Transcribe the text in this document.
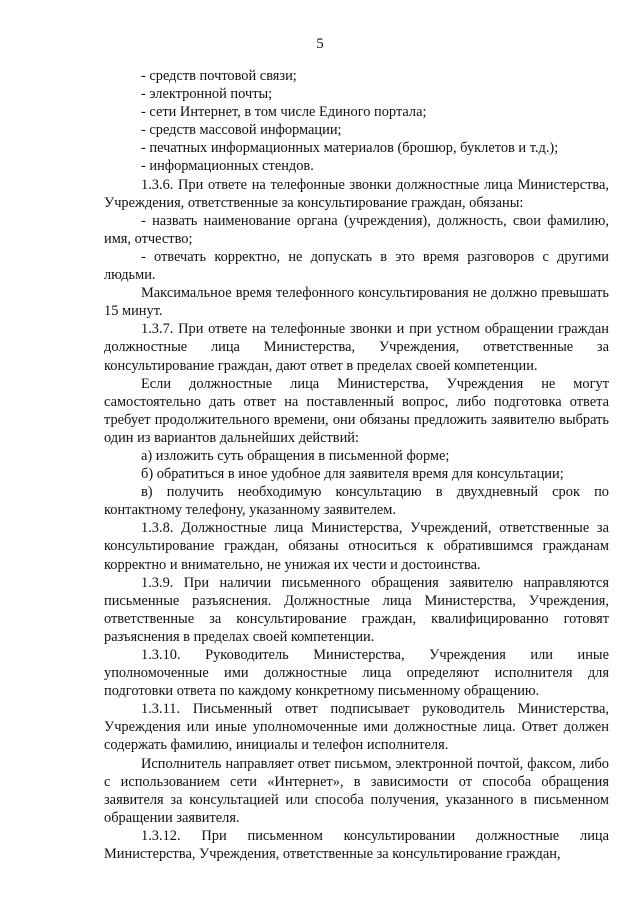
5

- средств почтовой связи;

- электронной почты;

- сети Интернет, в том числе Единого портала;

- средств массовой информации;

- печатных информационных материалов (брошюр, буклетов и т.д.);

- информационных стендов.

1.3.6. При ответе на телефонные звонки должностные лица Министерства, Учреждения, ответственные за консультирование граждан, обязаны:

- назвать наименование органа (учреждения), должность, свои фамилию, имя, отчество;

- отвечать корректно, не допускать в это время разговоров с другими людьми.

Максимальное время телефонного консультирования не должно превышать 15 минут.

1.3.7. При ответе на телефонные звонки и при устном обращении граждан должностные лица Министерства, Учреждения, ответственные за консультирование граждан, дают ответ в пределах своей компетенции.

Если должностные лица Министерства, Учреждения не могут самостоятельно дать ответ на поставленный вопрос, либо подготовка ответа требует продолжительного времени, они обязаны предложить заявителю выбрать один из вариантов дальнейших действий:

а) изложить суть обращения в письменной форме;

б) обратиться в иное удобное для заявителя время для консультации;

в) получить необходимую консультацию в двухдневный срок по контактному телефону, указанному заявителем.

1.3.8. Должностные лица Министерства, Учреждений, ответственные за консультирование граждан, обязаны относиться к обратившимся гражданам корректно и внимательно, не унижая их чести и достоинства.

1.3.9. При наличии письменного обращения заявителю направляются письменные разъяснения. Должностные лица Министерства, Учреждения, ответственные за консультирование граждан, квалифицированно готовят разъяснения в пределах своей компетенции.

1.3.10. Руководитель Министерства, Учреждения или иные уполномоченные ими должностные лица определяют исполнителя для подготовки ответа по каждому конкретному письменному обращению.

1.3.11. Письменный ответ подписывает руководитель Министерства, Учреждения или иные уполномоченные ими должностные лица. Ответ должен содержать фамилию, инициалы и телефон исполнителя.

Исполнитель направляет ответ письмом, электронной почтой, факсом, либо с использованием сети «Интернет», в зависимости от способа обращения заявителя за консультацией или способа получения, указанного в письменном обращении заявителя.

1.3.12. При письменном консультировании должностные лица Министерства, Учреждения, ответственные за консультирование граждан,
